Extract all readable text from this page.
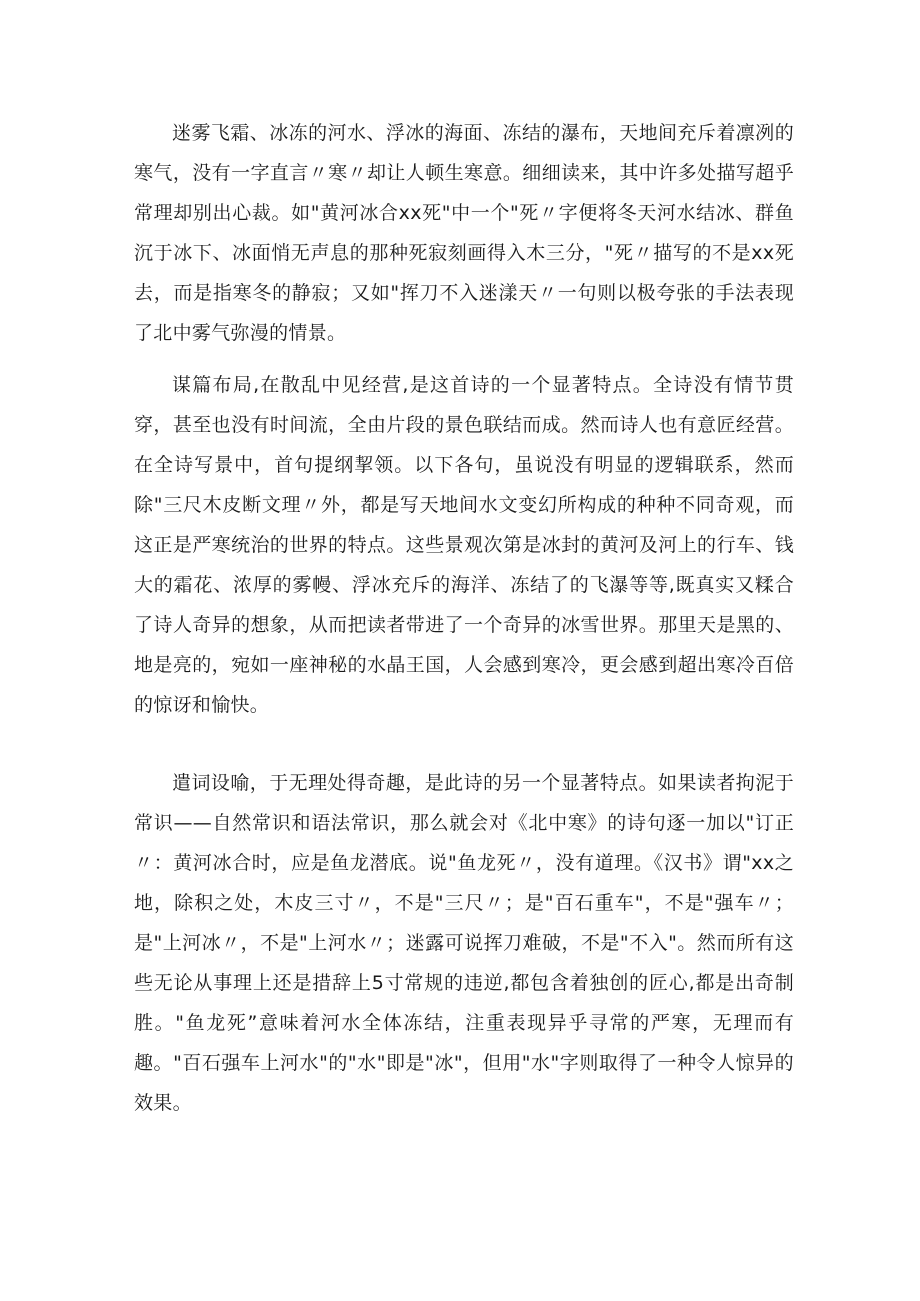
迷雾飞霜、冰冻的河水、浮冰的海面、冻结的瀑布，天地间充斥着凛冽的寒气，没有一字直言〃寒〃却让人顿生寒意。细细读来，其中许多处描写超乎常理却别出心裁。如"黄河冰合xx死"中一个"死〃字便将冬天河水结冰、群鱼沉于冰下、冰面悄无声息的那种死寂刻画得入木三分，"死〃描写的不是xx死去，而是指寒冬的静寂；又如"挥刀不入迷漾天〃一句则以极夸张的手法表现了北中雾气弥漫的情景。

谋篇布局,在散乱中见经营,是这首诗的一个显著特点。全诗没有情节贯穿，甚至也没有时间流，全由片段的景色联结而成。然而诗人也有意匠经营。在全诗写景中，首句提纲挈领。以下各句，虽说没有明显的逻辑联系，然而除"三尺木皮断文理〃外，都是写天地间水文变幻所构成的种种不同奇观，而这正是严寒统治的世界的特点。这些景观次第是冰封的黄河及河上的行车、钱大的霜花、浓厚的雾幔、浮冰充斥的海洋、冻结了的飞瀑等等,既真实又糅合了诗人奇异的想象，从而把读者带进了一个奇异的冰雪世界。那里天是黑的、地是亮的，宛如一座神秘的水晶王国，人会感到寒冷，更会感到超出寒冷百倍的惊讶和愉快。

遣词设喻，于无理处得奇趣，是此诗的另一个显著特点。如果读者拘泥于常识——自然常识和语法常识，那么就会对《北中寒》的诗句逐一加以"订正〃：黄河冰合时，应是鱼龙潜底。说"鱼龙死〃，没有道理。《汉书》谓"xx之地，除积之处，木皮三寸〃，不是"三尺〃；是"百石重车"，不是"强车〃；是"上河冰〃，不是"上河水〃；迷露可说挥刀难破，不是"不入"。然而所有这些无论从事理上还是措辞上5寸常规的违逆,都包含着独创的匠心,都是出奇制胜。"鱼龙死”意味着河水全体冻结，注重表现异乎寻常的严寒，无理而有趣。"百石强车上河水"的"水"即是"冰"，但用"水"字则取得了一种令人惊异的效果。
